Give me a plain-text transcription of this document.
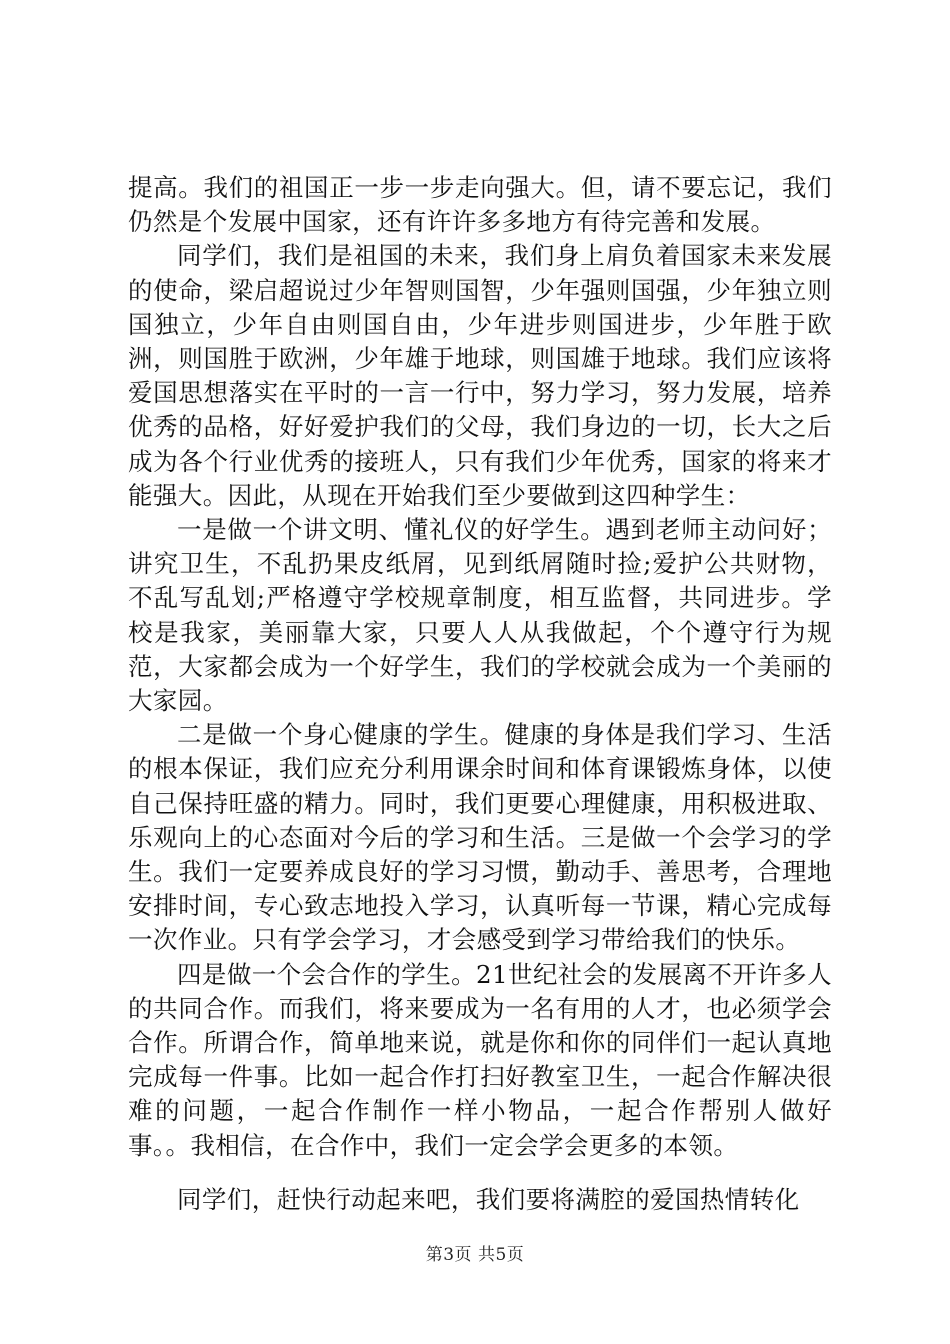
提高。我们的祖国正一步一步走向强大。但，请不要忘记，我们仍然是个发展中国家，还有许许多多地方有待完善和发展。

同学们，我们是祖国的未来，我们身上肩负着国家未来发展的使命，梁启超说过少年智则国智，少年强则国强，少年独立则国独立，少年自由则国自由，少年进步则国进步，少年胜于欧洲，则国胜于欧洲，少年雄于地球，则国雄于地球。我们应该将爱国思想落实在平时的一言一行中，努力学习，努力发展，培养优秀的品格，好好爱护我们的父母，我们身边的一切，长大之后成为各个行业优秀的接班人，只有我们少年优秀，国家的将来才能强大。因此，从现在开始我们至少要做到这四种学生：

一是做一个讲文明、懂礼仪的好学生。遇到老师主动问好；讲究卫生，不乱扔果皮纸屑，见到纸屑随时捡;爱护公共财物，不乱写乱划;严格遵守学校规章制度，相互监督，共同进步。学校是我家，美丽靠大家，只要人人从我做起，个个遵守行为规范，大家都会成为一个好学生，我们的学校就会成为一个美丽的大家园。

二是做一个身心健康的学生。健康的身体是我们学习、生活的根本保证，我们应充分利用课余时间和体育课锻炼身体，以使自己保持旺盛的精力。同时，我们更要心理健康，用积极进取、乐观向上的心态面对今后的学习和生活。三是做一个会学习的学生。我们一定要养成良好的学习习惯，勤动手、善思考，合理地安排时间，专心致志地投入学习，认真听每一节课，精心完成每一次作业。只有学会学习，才会感受到学习带给我们的快乐。

四是做一个会合作的学生。21世纪社会的发展离不开许多人的共同合作。而我们，将来要成为一名有用的人才，也必须学会合作。所谓合作，简单地来说，就是你和你的同伴们一起认真地完成每一件事。比如一起合作打扫好教室卫生，一起合作解决很难的问题，一起合作制作一样小物品，一起合作帮别人做好事。。我相信，在合作中，我们一定会学会更多的本领。

同学们，赶快行动起来吧，我们要将满腔的爱国热情转化

第3页 共5页
